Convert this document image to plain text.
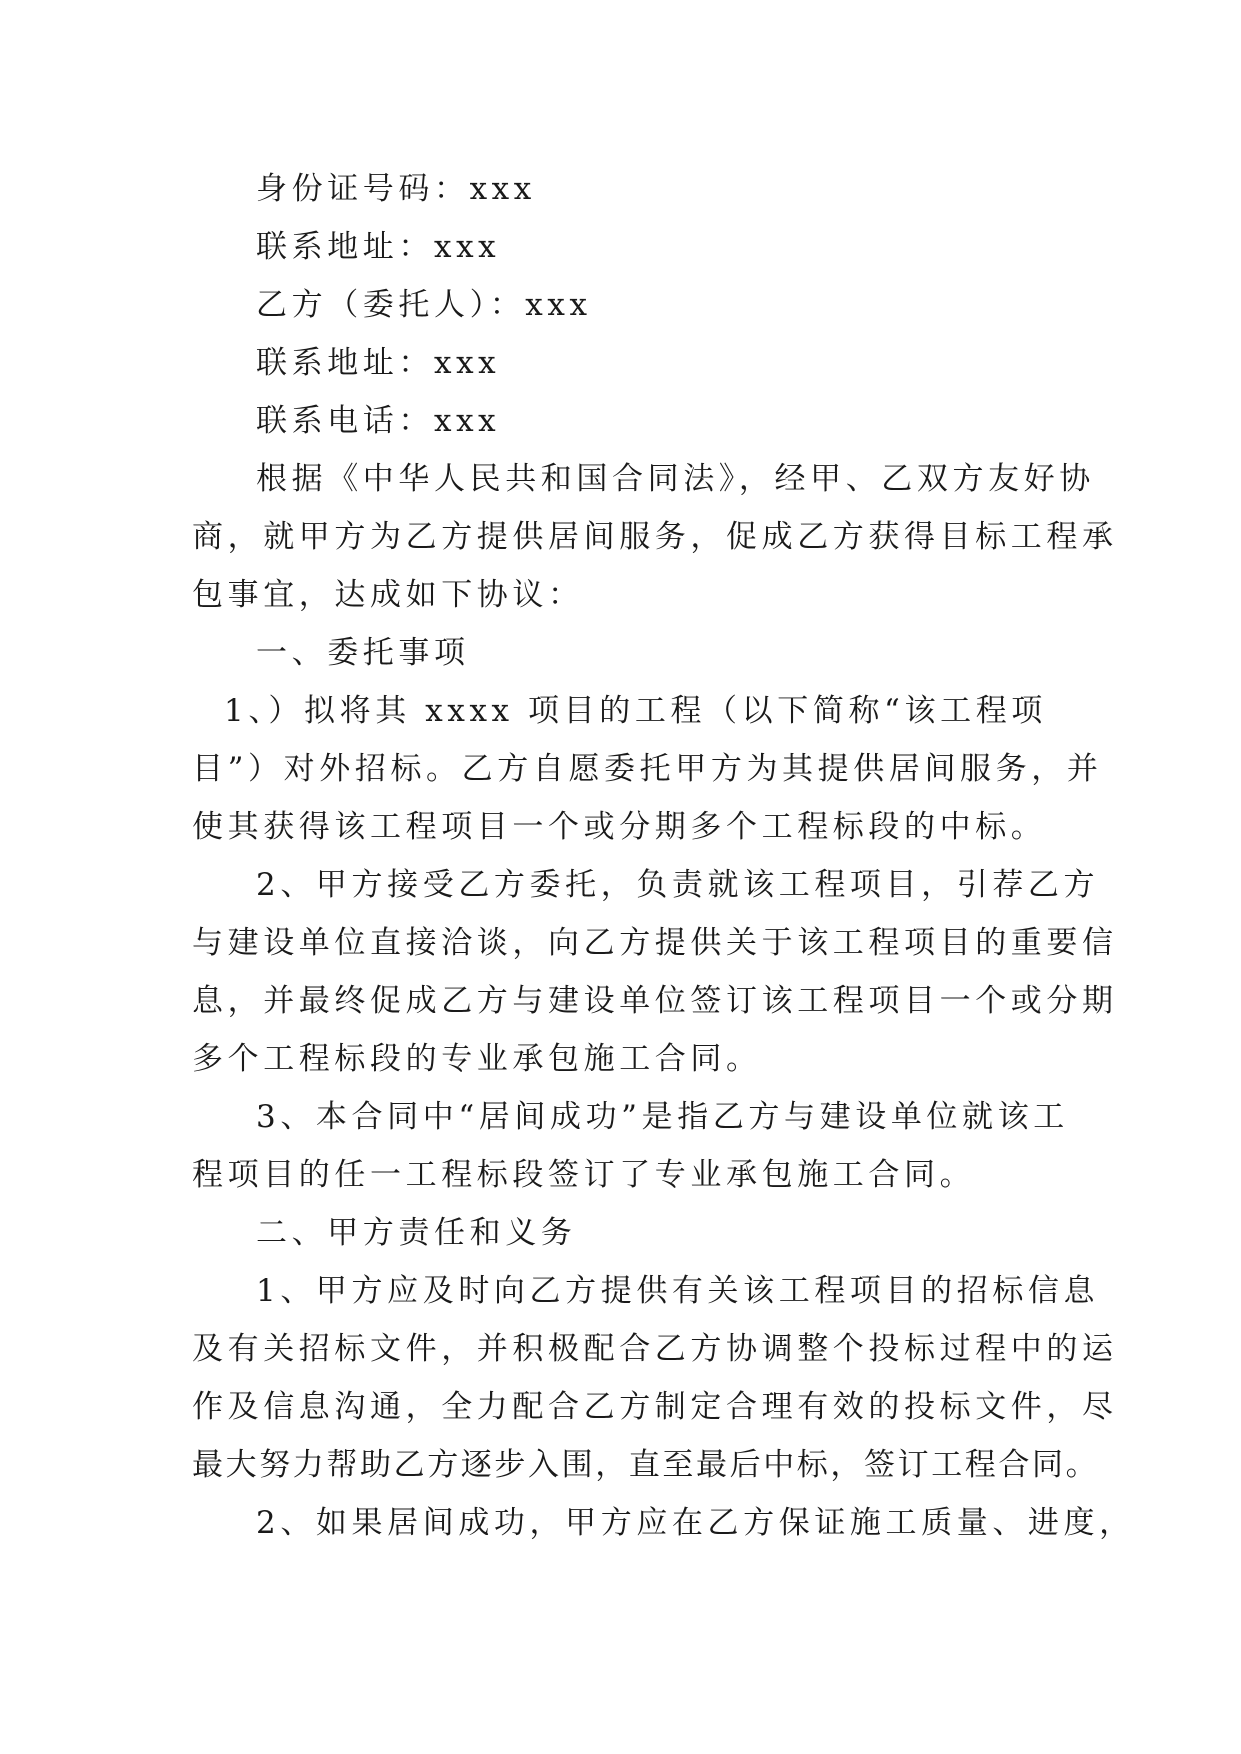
身份证号码：xxx
联系地址：xxx
乙方（委托人）：xxx
联系地址：xxx
联系电话：xxx
根据《中华人民共和国合同法》，经甲、乙双方友好协
商，就甲方为乙方提供居间服务，促成乙方获得目标工程承
包事宜，达成如下协议：
一、委托事项
1、）拟将其 xxxx 项目的工程（以下简称“该工程项
目”）对外招标。乙方自愿委托甲方为其提供居间服务，并
使其获得该工程项目一个或分期多个工程标段的中标。
2、甲方接受乙方委托，负责就该工程项目，引荐乙方
与建设单位直接洽谈，向乙方提供关于该工程项目的重要信
息，并最终促成乙方与建设单位签订该工程项目一个或分期
多个工程标段的专业承包施工合同。
3、本合同中“居间成功”是指乙方与建设单位就该工
程项目的任一工程标段签订了专业承包施工合同。
二、甲方责任和义务
1、甲方应及时向乙方提供有关该工程项目的招标信息
及有关招标文件，并积极配合乙方协调整个投标过程中的运
作及信息沟通，全力配合乙方制定合理有效的投标文件，尽
最大努力帮助乙方逐步入围，直至最后中标，签订工程合同。
2、如果居间成功，甲方应在乙方保证施工质量、进度，
